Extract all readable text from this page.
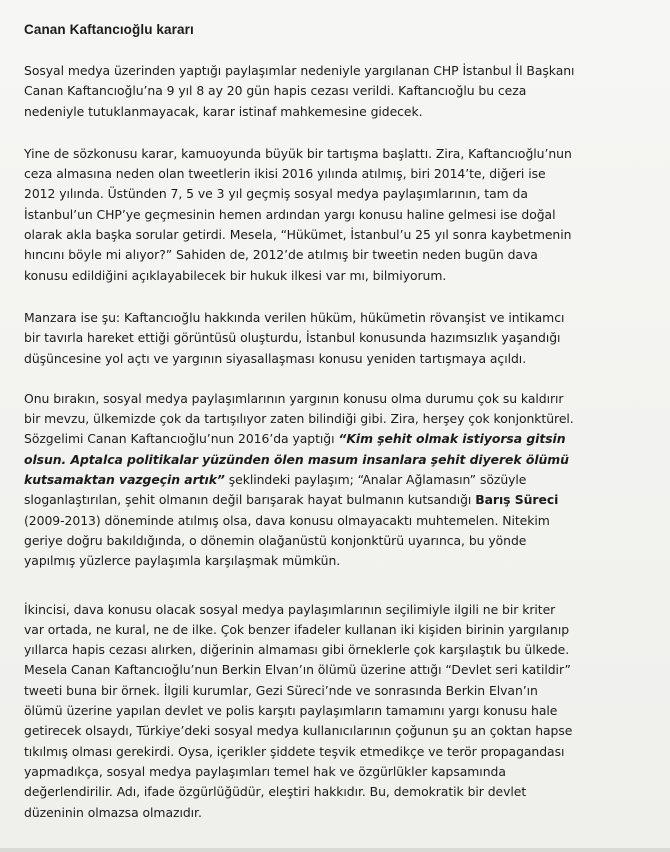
Canan Kaftancıoğlu kararı

Sosyal medya üzerinden yaptığı paylaşımlar nedeniyle yargılanan CHP İstanbul İl Başkanı
Canan Kaftancıoğlu’na 9 yıl 8 ay 20 gün hapis cezası verildi. Kaftancıoğlu bu ceza
nedeniyle tutuklanmayacak, karar istinaf mahkemesine gidecek.

Yine de sözkonusu karar, kamuoyunda büyük bir tartışma başlattı. Zira, Kaftancıoğlu’nun
ceza almasına neden olan tweetlerin ikisi 2016 yılında atılmış, biri 2014’te, diğeri ise
2012 yılında. Üstünden 7, 5 ve 3 yıl geçmiş sosyal medya paylaşımlarının, tam da
İstanbul’un CHP’ye geçmesinin hemen ardından yargı konusu haline gelmesi ise doğal
olarak akla başka sorular getirdi. Mesela, “Hükümet, İstanbul’u 25 yıl sonra kaybetmenin
hıncını böyle mi alıyor?” Sahiden de, 2012’de atılmış bir tweetin neden bugün dava
konusu edildiğini açıklayabilecek bir hukuk ilkesi var mı, bilmiyorum.

Manzara ise şu: Kaftancıoğlu hakkında verilen hüküm, hükümetin rövanşist ve intikamcı
bir tavırla hareket ettiği görüntüsü oluşturdu, İstanbul konusunda hazımsızlık yaşandığı
düşüncesine yol açtı ve yargının siyasallaşması konusu yeniden tartışmaya açıldı.

Onu bırakın, sosyal medya paylaşımlarının yargının konusu olma durumu çok su kaldırır
bir mevzu, ülkemizde çok da tartışılıyor zaten bilindiği gibi. Zira, herşey çok konjonktürel.
Sözgelimi Canan Kaftancıoğlu’nun 2016’da yaptığı “Kim şehit olmak istiyorsa gitsin
olsun. Aptalca politikalar yüzünden ölen masum insanlara şehit diyerek ölümü
kutsamaktan vazgeçin artık” şeklindeki paylaşım; “Analar Ağlamasın” sözüyle
sloganlaştırılan, şehit olmanın değil barışarak hayat bulmanın kutsandığı Barış Süreci
(2009-2013) döneminde atılmış olsa, dava konusu olmayacaktı muhtemelen. Nitekim
geriye doğru bakıldığında, o dönemin olağanüstü konjonktürü uyarınca, bu yönde
yapılmış yüzlerce paylaşımla karşılaşmak mümkün.

İkincisi, dava konusu olacak sosyal medya paylaşımlarının seçilimiyle ilgili ne bir kriter
var ortada, ne kural, ne de ilke. Çok benzer ifadeler kullanan iki kişiden birinin yargılanıp
yıllarca hapis cezası alırken, diğerinin almaması gibi örneklerle çok karşılaştık bu ülkede.
Mesela Canan Kaftancıoğlu’nun Berkin Elvan’ın ölümü üzerine attığı “Devlet seri katildir”
tweeti buna bir örnek. İlgili kurumlar, Gezi Süreci’nde ve sonrasında Berkin Elvan’ın
ölümü üzerine yapılan devlet ve polis karşıtı paylaşımların tamamını yargı konusu hale
getirecek olsaydı, Türkiye’deki sosyal medya kullanıcılarının çoğunun şu an çoktan hapse
tıkılmış olması gerekirdi. Oysa, içerikler şiddete teşvik etmedikçe ve terör propagandası
yapmadıkça, sosyal medya paylaşımları temel hak ve özgürlükler kapsamında
değerlendirilir. Adı, ifade özgürlüğüdür, eleştiri hakkıdır. Bu, demokratik bir devlet
düzeninin olmazsa olmazıdır.
